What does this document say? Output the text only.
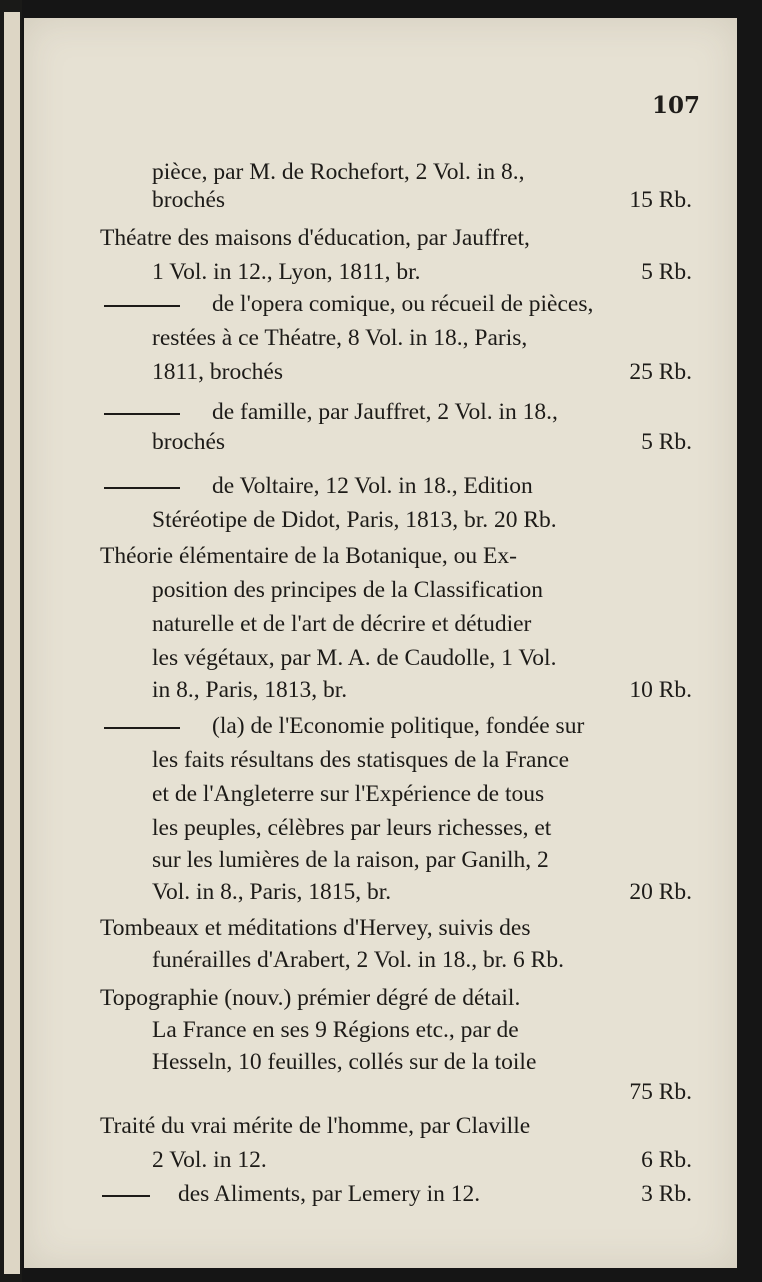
107
pièce, par M. de Rochefort, 2 Vol. in 8.,
brochés	15 Rb.
Théatre des maisons d'éducation, par Jauffret,
1 Vol. in 12., Lyon, 1811, br.	5 Rb.
de l'opera comique, ou récueil de pièces,
restées à ce Théatre, 8 Vol. in 18., Paris,
1811, brochés	25 Rb.
de famille, par Jauffret, 2 Vol. in 18.,
brochés	5 Rb.
de Voltaire, 12 Vol. in 18., Edition
Stéréotipe de Didot, Paris, 1813, br. 20 Rb.
Théorie élémentaire de la Botanique, ou Ex-
position des principes de la Classification
naturelle et de l'art de décrire et détudier
les végétaux, par M. A. de Caudolle, 1 Vol.
in 8., Paris, 1813, br.	10 Rb.
(la) de l'Economie politique, fondée sur
les faits résultans des statisques de la France
et de l'Angleterre sur l'Expérience de tous
les peuples, célèbres par leurs richesses, et
sur les lumières de la raison, par Ganilh, 2
Vol. in 8., Paris, 1815, br.	20 Rb.
Tombeaux et méditations d'Hervey, suivis des
funérailles d'Arabert, 2 Vol. in 18., br. 6 Rb.
Topographie (nouv.) prémier dégré de détail.
La France en ses 9 Régions etc., par de
Hesseln, 10 feuilles, collés sur de la toile
75 Rb.
Traité du vrai mérite de l'homme, par Claville
2 Vol. in 12.	6 Rb.
des Aliments, par Lemery in 12.	3 Rb.
